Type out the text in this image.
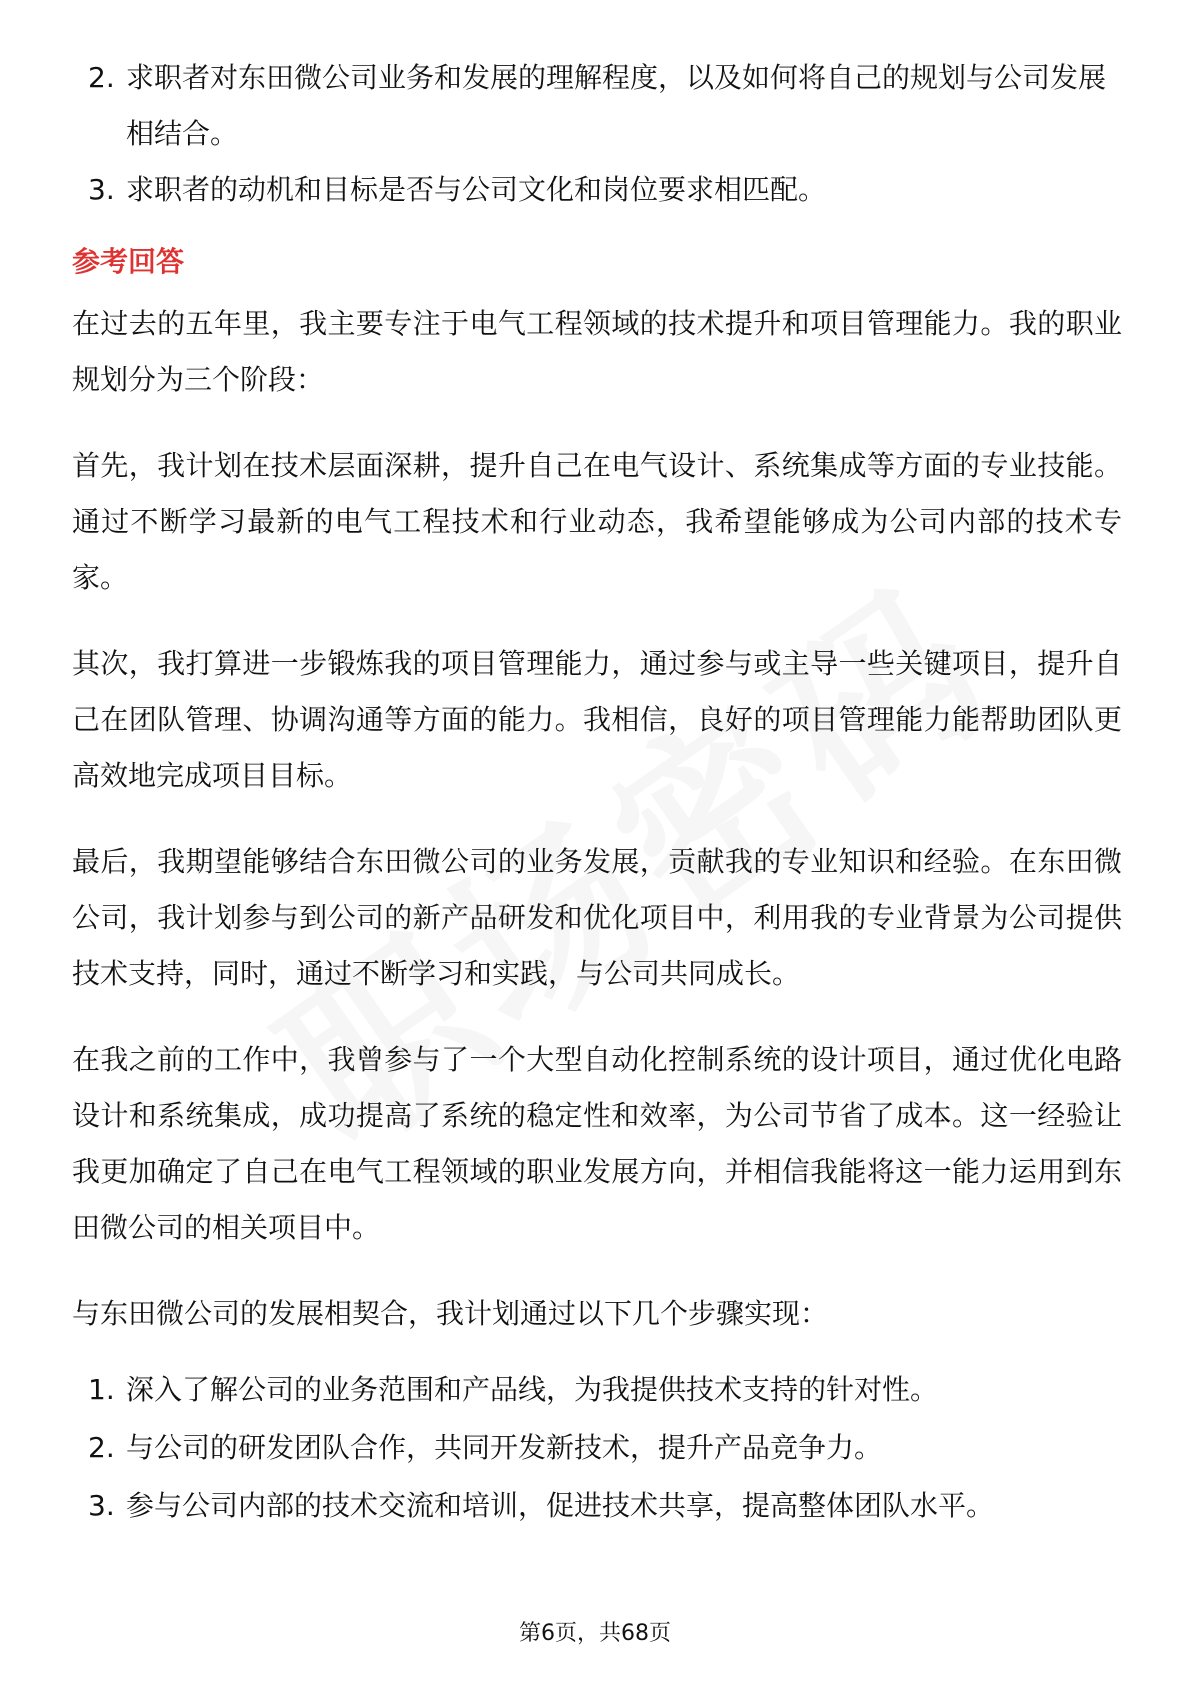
2. 求职者对东田微公司业务和发展的理解程度，以及如何将自己的规划与公司发展相结合。
3. 求职者的动机和目标是否与公司文化和岗位要求相匹配。
参考回答

在过去的五年里，我主要专注于电气工程领域的技术提升和项目管理能力。我的职业规划分为三个阶段：

首先，我计划在技术层面深耕，提升自己在电气设计、系统集成等方面的专业技能。通过不断学习最新的电气工程技术和行业动态，我希望能够成为公司内部的技术专家。

其次，我打算进一步锻炼我的项目管理能力，通过参与或主导一些关键项目，提升自己在团队管理、协调沟通等方面的能力。我相信，良好的项目管理能力能帮助团队更高效地完成项目目标。

最后，我期望能够结合东田微公司的业务发展，贡献我的专业知识和经验。在东田微公司，我计划参与到公司的新产品研发和优化项目中，利用我的专业背景为公司提供技术支持，同时，通过不断学习和实践，与公司共同成长。

在我之前的工作中，我曾参与了一个大型自动化控制系统的设计项目，通过优化电路设计和系统集成，成功提高了系统的稳定性和效率，为公司节省了成本。这一经验让我更加确定了自己在电气工程领域的职业发展方向，并相信我能将这一能力运用到东田微公司的相关项目中。

与东田微公司的发展相契合，我计划通过以下几个步骤实现：

1. 深入了解公司的业务范围和产品线，为我提供技术支持的针对性。
2. 与公司的研发团队合作，共同开发新技术，提升产品竞争力。
3. 参与公司内部的技术交流和培训，促进技术共享，提高整体团队水平。
第6页，共68页
